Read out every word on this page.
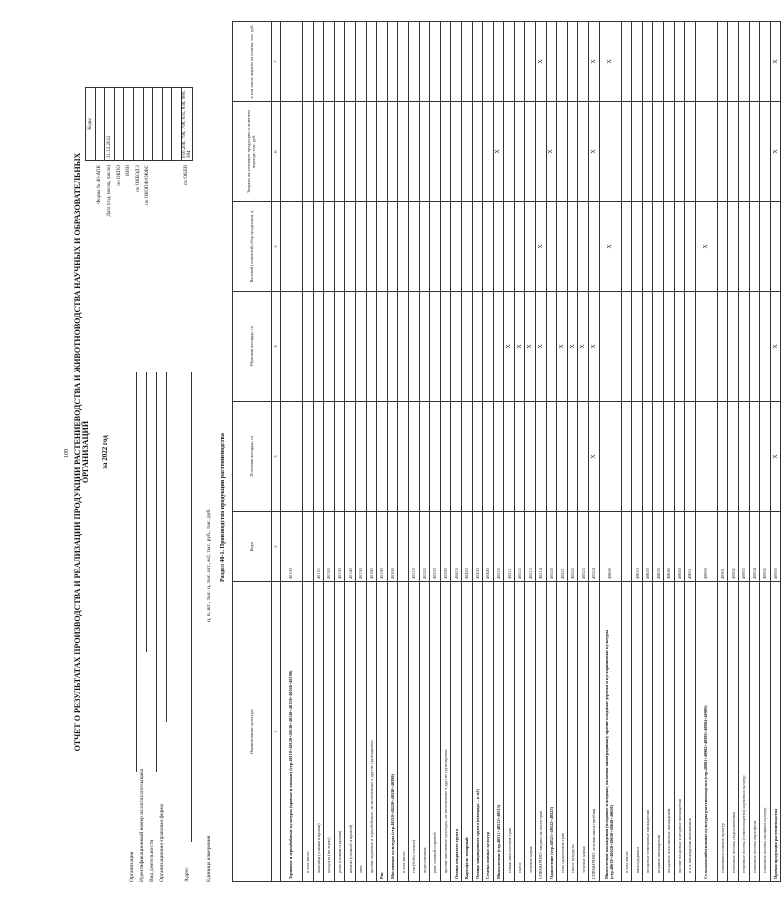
109 ОТЧЕТ О РЕЗУЛЬТАТАХ ПРОИЗВОДСТВА И РЕАЛИЗАЦИИ ПРОДУКЦИИ РАСТЕНИЕВОДСТВА И ЖИВОТНОВОДСТВА НАУЧНЫХ И ОБРАЗОВАТЕЛЬНЫХ ОРГАНИЗАЦИЙ за 2022 год
Организация Идентификационный номер налогоплательщика Вид деятельности Организационно-правовая форма	Адрес	Единица измерения
ц, п, шт., тыс. ц, тыс. шт., м2, тыс. руб., тыс. руб.
	Коды
Форма № 40-АПК	
Дата (год, месяц, число)	31.12.2022
по ОКПО	
ИНН	
по ОКВЭД 2	
по ОКОПФ/ОКФС	

по ОКЕИ	050,206, 796, 798, 035, 836, 989, 384
Раздел 40-1. Производство продукции растениеводства
Наименование культуры	Коды	Посевная площадь, га	Убранная площадь, га	Валовой (основной) сбор продукции, ц	Затраты на основную продукцию и отчетном периоде, тыс. руб.	в том числе затраты на семена, тыс. руб.
1	2	3	4	5	6	7
Зерновые и зернобобовые культуры (яровые и озимые) (стр.40110+40120+40130+40140+40150+40160+40190)	40100					
в том числе:						
пшеница (озимая и яровая)	40110					
кукуруза (на зерно)	40120					
рожь (озимая и яровая)	40130					
ячмень (озимый и яровой)	40140					
овес	40150					
прочие зерновые и зернобобовые, не включенные в другие группировки	40160					
Рис	40190					
Масличные культуры (стр.40310+40320+40330+40390)	40300					
в том числе:						
соя (бобы соевые)	40310					
подсолнечник	40320					
рапс озимый и яровой	40330					
прочие масличные культуры, не включенные в другие группировки	40390					
Овощи открытого грунта	40410					
Картофель товарный	40420					
Овощи защищенного грунта (площадь – в м2)	40430					
Семена озимых культур	40440					
Многолетние (стр.40511+40512+40513)	40510				X	
сенаж многолетних трав	40511		X			
силос	40512		X			
зеленые корма	40513		X			
СПРАВОЧНО: затраты на посев трав	40514		X	X		X
Однолетние (стр.40521+40522+40523)	40520				X	
сено однолетних трав	40521		X			
силос кукурузы	40522		X			
зеленые корма	40523		X			
СПРАВОЧНО: зеленая масса пастбищ	40524	X	X		X	X
Многолетние насаждения (плодовые и ягодные, включая виноградники); прочие плодовые деревья и кустарниковые культуры (стр.40610+40620+40630+40640+40650)	40600			X		X
в том числе:						
виноградники	40610					
плодовые семечковые насаждения	40620					
ягодные насаждения	40630					
плодовые косточковые насаждения	40640					
прочие плодовые и ягодные насаждения	40650					
в т.ч. насаждения питомников	40651					
Сельскохозяйственные культуры растениеводства (стр.40901+40902+40903+40904+40905)	40900			X		
семенники озимых культур	40901					
семенные посевы подсолнечника	40902					
семенные посевы (семеноводство) кормовых культур	40903					
семенные посевы картофеля	40904					
семенные посевы овощных культур	40905					
Прочая продукция растениеводства	40950	X	X		X	X
